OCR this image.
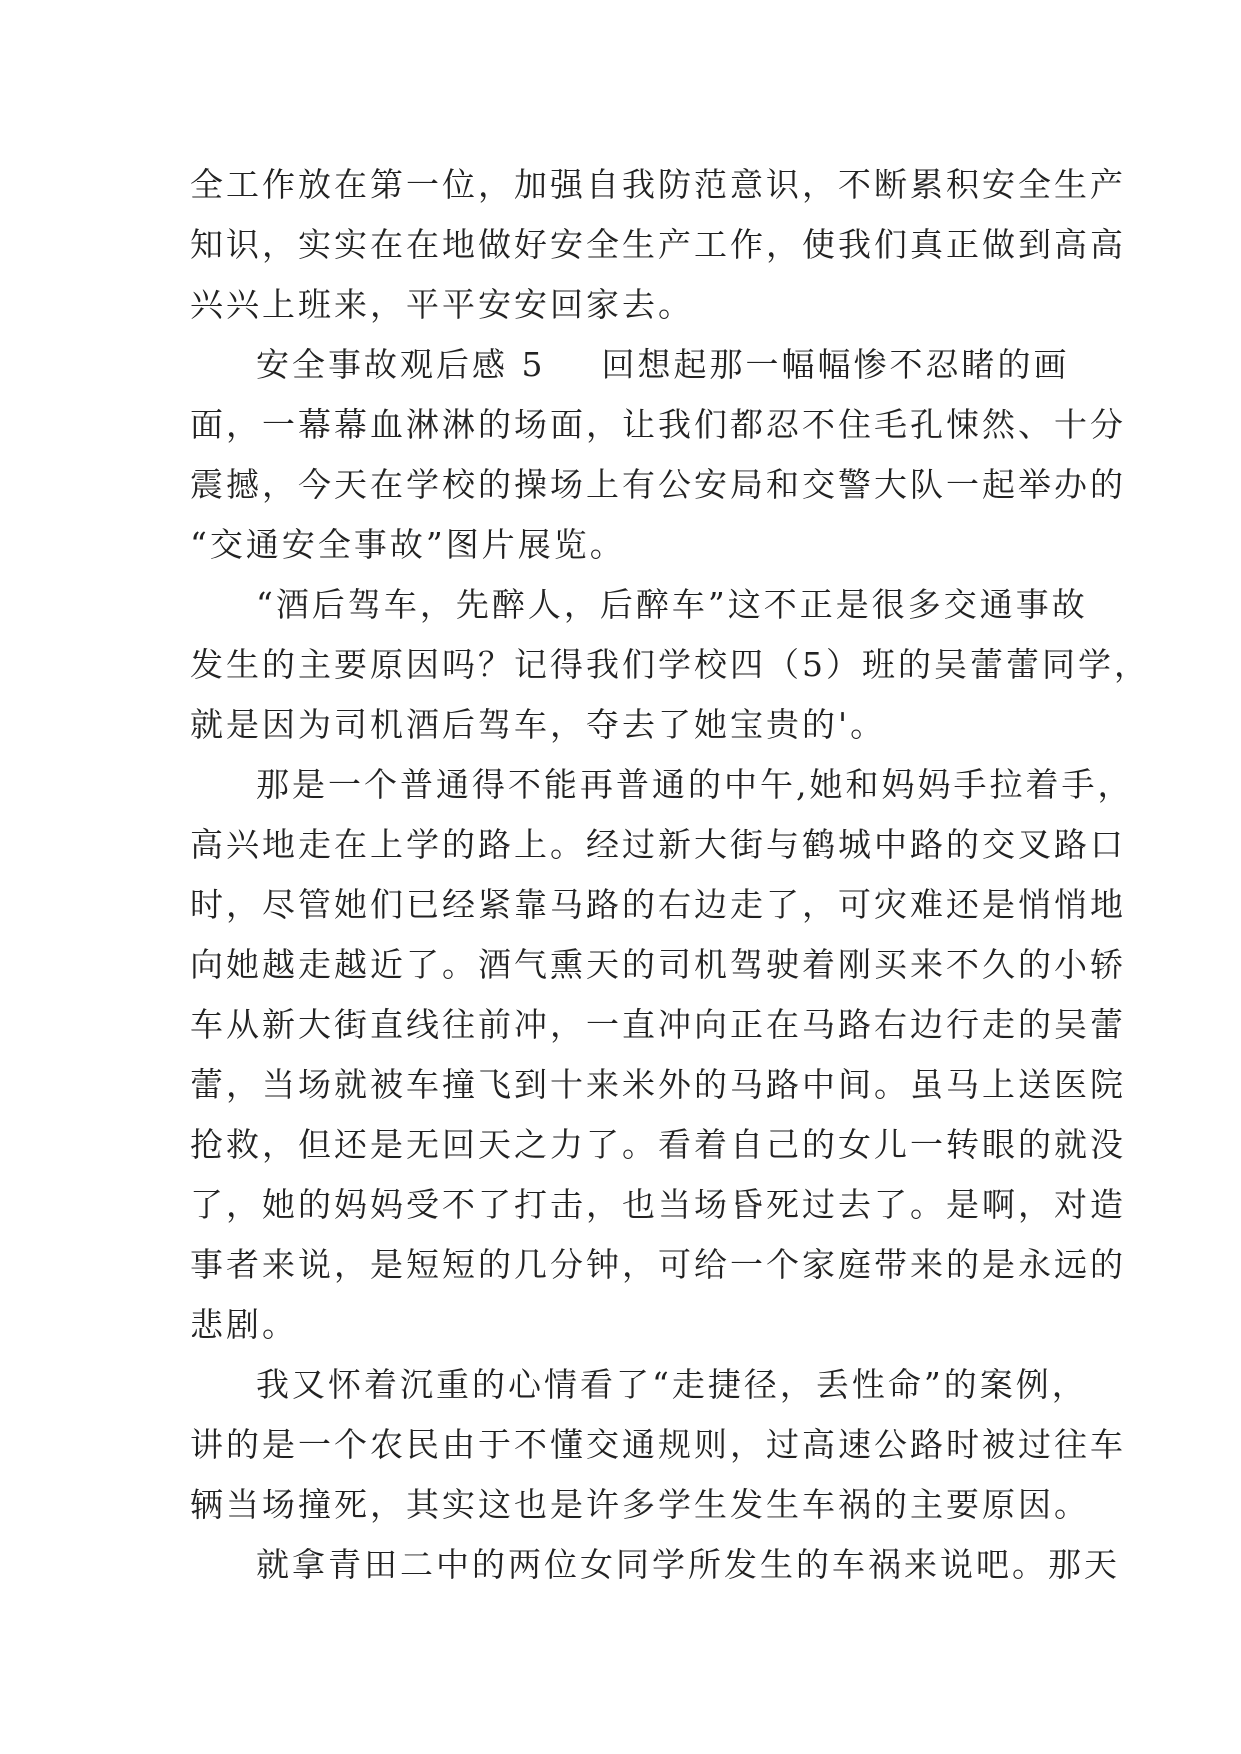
全工作放在第一位，加强自我防范意识，不断累积安全生产
知识，实实在在地做好安全生产工作，使我们真正做到高高
兴兴上班来，平平安安回家去。
安全事故观后感 5 回想起那一幅幅惨不忍睹的画
面，一幕幕血淋淋的场面，让我们都忍不住毛孔悚然、十分
震撼，今天在学校的操场上有公安局和交警大队一起举办的
“交通安全事故”图片展览。
“酒后驾车，先醉人，后醉车”这不正是很多交通事故
发生的主要原因吗？记得我们学校四（5）班的吴蕾蕾同学，
就是因为司机酒后驾车，夺去了她宝贵的'。
那是一个普通得不能再普通的中午,她和妈妈手拉着手，
高兴地走在上学的路上。经过新大街与鹤城中路的交叉路口
时，尽管她们已经紧靠马路的右边走了，可灾难还是悄悄地
向她越走越近了。酒气熏天的司机驾驶着刚买来不久的小轿
车从新大街直线往前冲，一直冲向正在马路右边行走的吴蕾
蕾，当场就被车撞飞到十来米外的马路中间。虽马上送医院
抢救，但还是无回天之力了。看着自己的女儿一转眼的就没
了，她的妈妈受不了打击，也当场昏死过去了。是啊，对造
事者来说，是短短的几分钟，可给一个家庭带来的是永远的
悲剧。
我又怀着沉重的心情看了“走捷径，丢性命”的案例，
讲的是一个农民由于不懂交通规则，过高速公路时被过往车
辆当场撞死，其实这也是许多学生发生车祸的主要原因。
就拿青田二中的两位女同学所发生的车祸来说吧。那天
